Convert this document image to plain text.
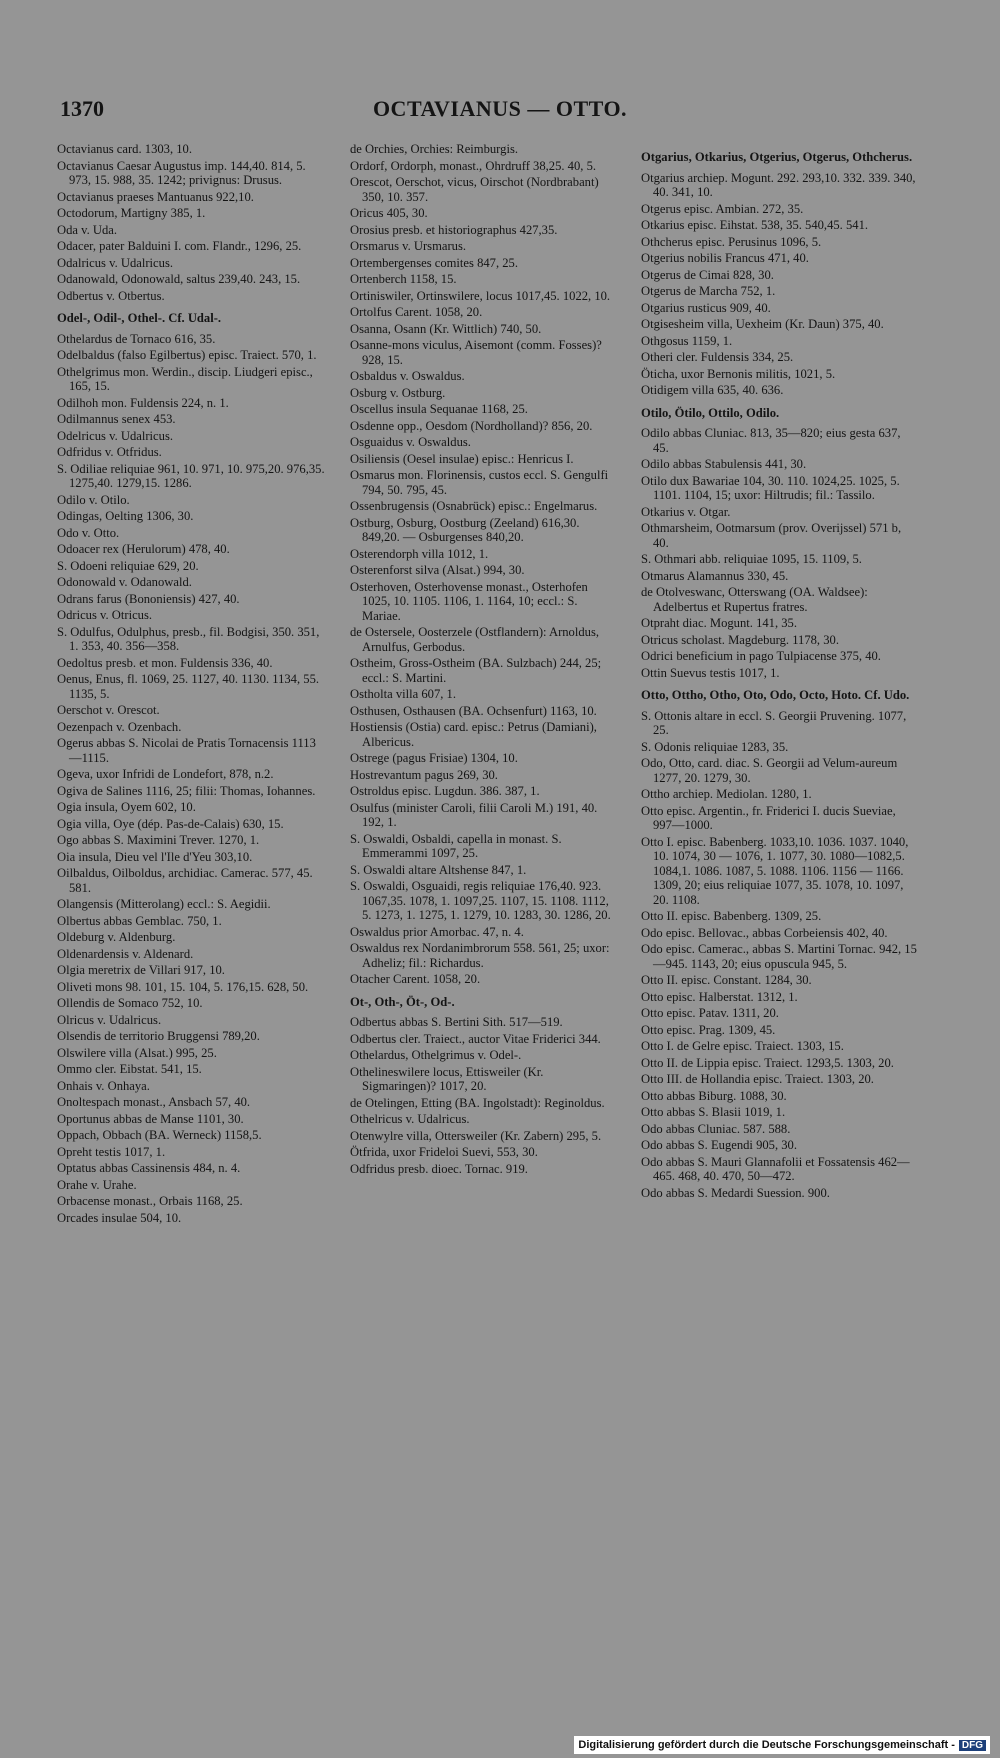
1370	OCTAVIANUS — OTTO.
Octavianus card. 1303, 10.
Octavianus Caesar Augustus imp. 144,40. 814, 5. 973, 15. 988, 35. 1242; privignus: Drusus.
Octavianus praeses Mantuanus 922,10.
Octodorum, Martigny 385, 1.
Oda v. Uda.
Odacer, pater Balduini I. com. Flandr., 1296, 25.
Odalricus v. Udalricus.
Odanowald, Odonowald, saltus 239,40. 243, 15.
Odbertus v. Otbertus.
Odel-, Odil-, Othel-. Cf. Udal-.
Othelardus de Tornaco 616, 35.
Odelbaldus (falso Egilbertus) episc. Traiect. 570, 1.
Othelgrimus mon. Werdin., discip. Liudgeri episc., 165, 15.
Odilhoh mon. Fuldensis 224, n. 1.
Odilmannus senex 453.
Odelricus v. Udalricus.
Odfridus v. Otfridus.
S. Odiliae reliquiae 961, 10. 971, 10. 975,20. 976,35. 1275,40. 1279,15. 1286.
Odilo v. Otilo.
Odingas, Oelting 1306, 30.
Odo v. Otto.
Odoacer rex (Herulorum) 478, 40.
S. Odoeni reliquiae 629, 20.
Odonowald v. Odanowald.
Odrans farus (Bononiensis) 427, 40.
Odricus v. Otricus.
S. Odulfus, Odulphus, presb., fil. Bodgisi, 350. 351, 1. 353, 40. 356—358.
Oedoltus presb. et mon. Fuldensis 336, 40.
Oenus, Enus, fl. 1069, 25. 1127, 40. 1130. 1134, 55. 1135, 5.
Oerschot v. Orescot.
Oezenpach v. Ozenbach.
Ogerus abbas S. Nicolai de Pratis Tornacensis 1113—1115.
Ogeva, uxor Infridi de Londefort, 878, n.2.
Ogiva de Salines 1116, 25; filii: Thomas, Iohannes.
Ogia insula, Oyem 602, 10.
Ogia villa, Oye (dép. Pas-de-Calais) 630, 15.
Ogo abbas S. Maximini Trever. 1270, 1.
Oia insula, Dieu vel l'Ile d'Yeu 303,10.
Oilbaldus, Oilboldus, archidiac. Camerac. 577, 45. 581.
Olangensis (Mitterolang) eccl.: S. Aegidii.
Olbertus abbas Gemblac. 750, 1.
Oldeburg v. Aldenburg.
Oldenardensis v. Aldenard.
Olgia meretrix de Villari 917, 10.
Oliveti mons 98. 101, 15. 104, 5. 176,15. 628, 50.
Ollendis de Somaco 752, 10.
Olricus v. Udalricus.
Olsendis de territorio Bruggensi 789,20.
Olswilere villa (Alsat.) 995, 25.
Ommo cler. Eibstat. 541, 15.
Onhais v. Onhaya.
Onoltespach monast., Ansbach 57, 40.
Oportunus abbas de Manse 1101, 30.
Oppach, Obbach (BA. Werneck) 1158,5.
Opreht testis 1017, 1.
Optatus abbas Cassinensis 484, n. 4.
Orahe v. Urahe.
Orbacense monast., Orbais 1168, 25.
Orcades insulae 504, 10.
de Orchies, Orchies: Reimburgis.
Ordorf, Ordorph, monast., Ohrdruff 38,25. 40, 5.
Orescot, Oerschot, vicus, Oirschot (Nordbrabant) 350, 10. 357.
Oricus 405, 30.
Orosius presb. et historiographus 427,35.
Orsmarus v. Ursmarus.
Ortembergenses comites 847, 25.
Ortenberch 1158, 15.
Ortiniswiler, Ortinswilere, locus 1017,45. 1022, 10.
Ortolfus Carent. 1058, 20.
Osanna, Osann (Kr. Wittlich) 740, 50.
Osanne-mons viculus, Aisemont (comm. Fosses)? 928, 15.
Osbaldus v. Oswaldus.
Osburg v. Ostburg.
Oscellus insula Sequanae 1168, 25.
Osdenne opp., Oesdom (Nordholland)? 856, 20.
Osguaidus v. Oswaldus.
Osiliensis (Oesel insulae) episc.: Henricus I.
Osmarus mon. Florinensis, custos eccl. S. Gengulfi 794, 50. 795, 45.
Ossenbrugensis (Osnabrück) episc.: Engelmarus.
Ostburg, Osburg, Oostburg (Zeeland) 616,30. 849,20. — Osburgenses 840,20.
Osterendorph villa 1012, 1.
Osterenforst silva (Alsat.) 994, 30.
Osterhoven, Osterhovense monast., Osterhofen 1025, 10. 1105. 1106, 1. 1164, 10; eccl.: S. Mariae.
de Ostersele, Oosterzele (Ostflandern): Arnoldus, Arnulfus, Gerbodus.
Ostheim, Gross-Ostheim (BA. Sulzbach) 244, 25; eccl.: S. Martini.
Ostholta villa 607, 1.
Osthusen, Osthausen (BA. Ochsenfurt) 1163, 10.
Hostiensis (Ostia) card. episc.: Petrus (Damiani), Albericus.
Ostrege (pagus Frisiae) 1304, 10.
Hostrevantum pagus 269, 30.
Ostroldus episc. Lugdun. 386. 387, 1.
Osulfus (minister Caroli, filii Caroli M.) 191, 40. 192, 1.
S. Oswaldi, Osbaldi, capella in monast. S. Emmerammi 1097, 25.
S. Oswaldi altare Altshense 847, 1.
S. Oswaldi, Osguaidi, regis reliquiae 176,40. 923. 1067,35. 1078, 1. 1097,25. 1107, 15. 1108. 1112, 5. 1273, 1. 1275, 1. 1279, 10. 1283, 30. 1286, 20.
Oswaldus prior Amorbac. 47, n. 4.
Oswaldus rex Nordanimbrorum 558. 561, 25; uxor: Adheliz; fil.: Richardus.
Otacher Carent. 1058, 20.
Ot-, Oth-, Öt-, Od-.
Odbertus abbas S. Bertini Sith. 517—519.
Odbertus cler. Traiect., auctor Vitae Friderici 344.
Othelardus, Othelgrimus v. Odel-.
Othelineswilere locus, Ettisweiler (Kr. Sigmaringen)? 1017, 20.
de Otelingen, Etting (BA. Ingolstadt): Reginoldus.
Othelricus v. Udalricus.
Otenwylre villa, Ottersweiler (Kr. Zabern) 295, 5.
Ötfrida, uxor Frideloi Suevi, 553, 30.
Odfridus presb. dioec. Tornac. 919.
Otgarius, Otkarius, Otgerius, Otgerus, Othcherus.
Otgarius archiep. Mogunt. 292. 293,10. 332. 339. 340, 40. 341, 10.
Otgerus episc. Ambian. 272, 35.
Otkarius episc. Eihstat. 538, 35. 540,45. 541.
Othcherus episc. Perusinus 1096, 5.
Otgerius nobilis Francus 471, 40.
Otgerus de Cimai 828, 30.
Otgerus de Marcha 752, 1.
Otgarius rusticus 909, 40.
Otgisesheim villa, Uexheim (Kr. Daun) 375, 40.
Othgosus 1159, 1.
Otheri cler. Fuldensis 334, 25.
Öticha, uxor Bernonis militis, 1021, 5.
Otidigem villa 635, 40. 636.
Otilo, Ötilo, Ottilo, Odilo.
Odilo abbas Cluniac. 813, 35—820; eius gesta 637, 45.
Odilo abbas Stabulensis 441, 30.
Otilo dux Bawariae 104, 30. 110. 1024,25. 1025, 5. 1101. 1104, 15; uxor: Hiltrudis; fil.: Tassilo.
Otkarius v. Otgar.
Othmarsheim, Ootmarsum (prov. Overijssel) 571 b, 40.
S. Othmari abb. reliquiae 1095, 15. 1109, 5.
Otmarus Alamannus 330, 45.
de Otolveswanc, Otterswang (OA. Waldsee): Adelbertus et Rupertus fratres.
Otpraht diac. Mogunt. 141, 35.
Otricus scholast. Magdeburg. 1178, 30.
Odrici beneficium in pago Tulpiacense 375, 40.
Ottin Suevus testis 1017, 1.
Otto, Ottho, Otho, Oto, Odo, Octo, Hoto. Cf. Udo.
S. Ottonis altare in eccl. S. Georgii Pruvening. 1077, 25.
S. Odonis reliquiae 1283, 35.
Odo, Otto, card. diac. S. Georgii ad Velum-aureum 1277, 20. 1279, 30.
Ottho archiep. Mediolan. 1280, 1.
Otto episc. Argentin., fr. Friderici I. ducis Sueviae, 997—1000.
Otto I. episc. Babenberg. 1033,10. 1036. 1037. 1040, 10. 1074, 30 — 1076, 1. 1077, 30. 1080—1082,5. 1084,1. 1086. 1087, 5. 1088. 1106. 1156 — 1166. 1309, 20; eius reliquiae 1077, 35. 1078, 10. 1097, 20. 1108.
Otto II. episc. Babenberg. 1309, 25.
Odo episc. Bellovac., abbas Corbeiensis 402, 40.
Odo episc. Camerac., abbas S. Martini Tornac. 942, 15—945. 1143, 20; eius opuscula 945, 5.
Otto II. episc. Constant. 1284, 30.
Otto episc. Halberstat. 1312, 1.
Otto episc. Patav. 1311, 20.
Otto episc. Prag. 1309, 45.
Otto I. de Gelre episc. Traiect. 1303, 15.
Otto II. de Lippia episc. Traiect. 1293,5. 1303, 20.
Otto III. de Hollandia episc. Traiect. 1303, 20.
Otto abbas Biburg. 1088, 30.
Otto abbas S. Blasii 1019, 1.
Odo abbas Cluniac. 587. 588.
Odo abbas S. Eugendi 905, 30.
Odo abbas S. Mauri Glannafolii et Fossatensis 462—465. 468, 40. 470, 50—472.
Odo abbas S. Medardi Suession. 900.
Digitalisierung gefördert durch die Deutsche Forschungsgemeinschaft - DFG
